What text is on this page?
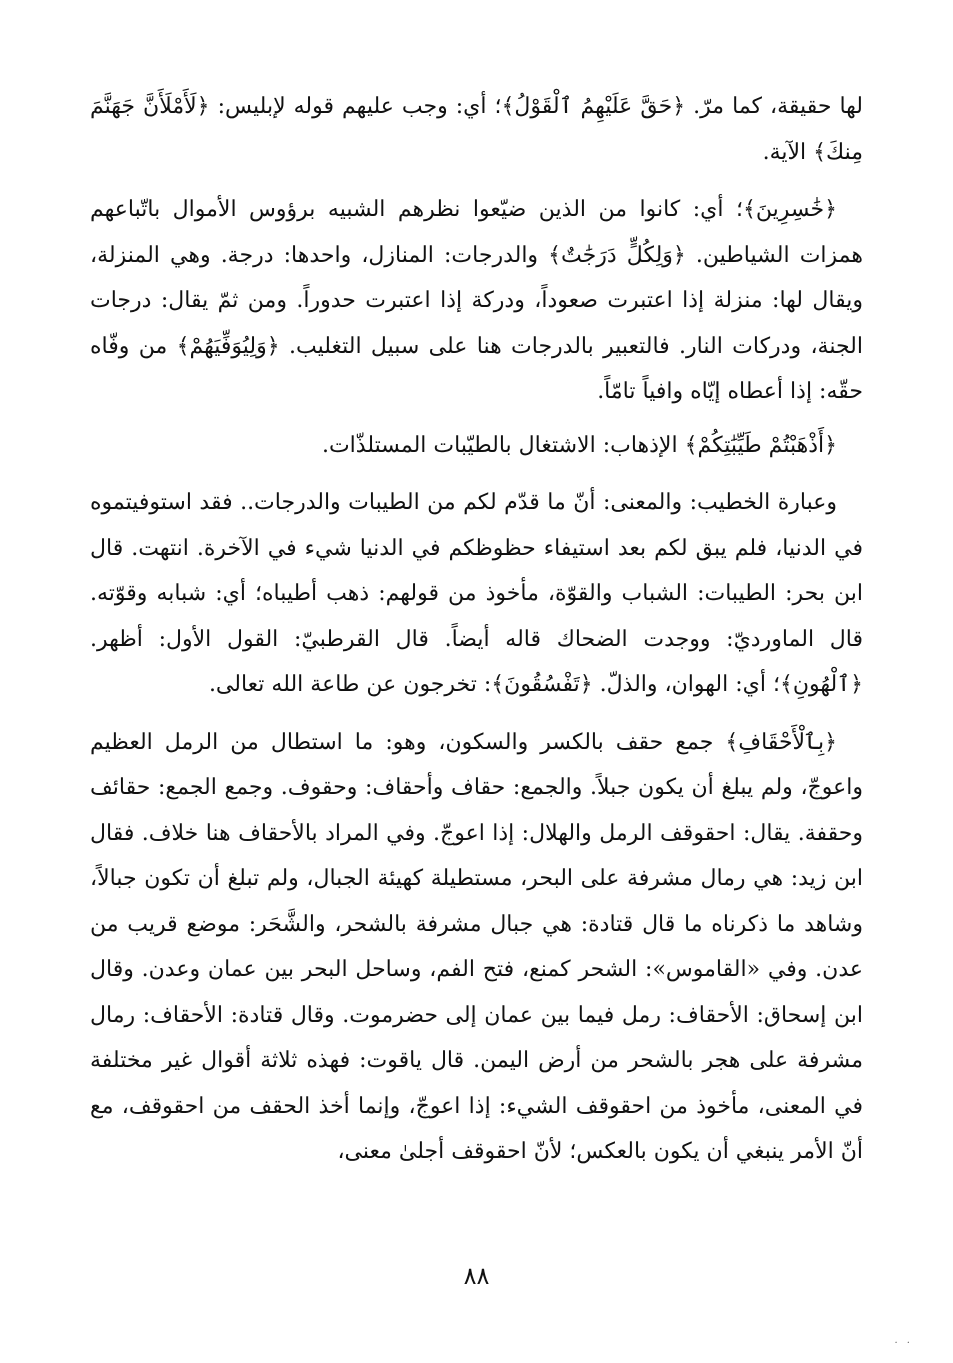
لها حقيقة، كما مرّ. ﴿حَقَّ عَلَيْهِمُ ٱلْقَوْلُ﴾؛ أي: وجب عليهم قوله لإبليس: ﴿لَأَمْلَأَنَّ جَهَنَّمَ مِنكَ﴾ الآية.

﴿خَٰسِرِينَ﴾؛ أي: كانوا من الذين ضيّعوا نظرهم الشبيه برؤوس الأموال باتّباعهم همزات الشياطين. ﴿وَلِكُلٍّ دَرَجَٰتٌ﴾ والدرجات: المنازل، واحدها: درجة. وهي المنزلة، ويقال لها: منزلة إذا اعتبرت صعوداً، ودركة إذا اعتبرت حدوراً. ومن ثمّ يقال: درجات الجنة، ودركات النار. فالتعبير بالدرجات هنا على سبيل التغليب. ﴿وَلِيُوَفِّيَهُمْ﴾ من وفّاه حقّه: إذا أعطاه إيّاه وافياً تامّاً.

﴿أَذْهَبْتُمْ طَيِّبَٰتِكُمْ﴾ الإذهاب: الاشتغال بالطيّبات المستلذّات.

وعبارة الخطيب: والمعنى: أنّ ما قدّم لكم من الطيبات والدرجات.. فقد استوفيتموه في الدنيا، فلم يبق لكم بعد استيفاء حظوظكم في الدنيا شيء في الآخرة. انتهت. قال ابن بحر: الطيبات: الشباب والقوّة، مأخوذ من قولهم: ذهب أطيباه؛ أي: شبابه وقوّته. قال الماورديّ: ووجدت الضحاك قاله أيضاً. قال القرطبيّ: القول الأول: أظهر. ﴿ٱلْهُونِ﴾؛ أي: الهوان، والذلّ. ﴿تَفْسُقُونَ﴾: تخرجون عن طاعة الله تعالى.

﴿بِٱلْأَحْقَافِ﴾ جمع حقف بالكسر والسكون، وهو: ما استطال من الرمل العظيم واعوجّ، ولم يبلغ أن يكون جبلاً. والجمع: حقاف وأحقاف: وحقوف. وجمع الجمع: حقائف وحقفة. يقال: احقوقف الرمل والهلال: إذا اعوجّ. وفي المراد بالأحقاف هنا خلاف. فقال ابن زيد: هي رمال مشرفة على البحر، مستطيلة كهيئة الجبال، ولم تبلغ أن تكون جبالاً، وشاهد ما ذكرناه ما قال قتادة: هي جبال مشرفة بالشحر، والشَّحَر: موضع قريب من عدن. وفي «القاموس»: الشحر كمنع، فتح الفم، وساحل البحر بين عمان وعدن. وقال ابن إسحاق: الأحقاف: رمل فيما بين عمان إلى حضرموت. وقال قتادة: الأحقاف: رمال مشرفة على هجر بالشحر من أرض اليمن. قال ياقوت: فهذه ثلاثة أقوال غير مختلفة في المعنى، مأخوذ من احقوقف الشيء: إذا اعوجّ، وإنما أخذ الحقف من احقوقف، مع أنّ الأمر ينبغي أن يكون بالعكس؛ لأنّ احقوقف أجلىٰ معنى،

٨٨
· ·
